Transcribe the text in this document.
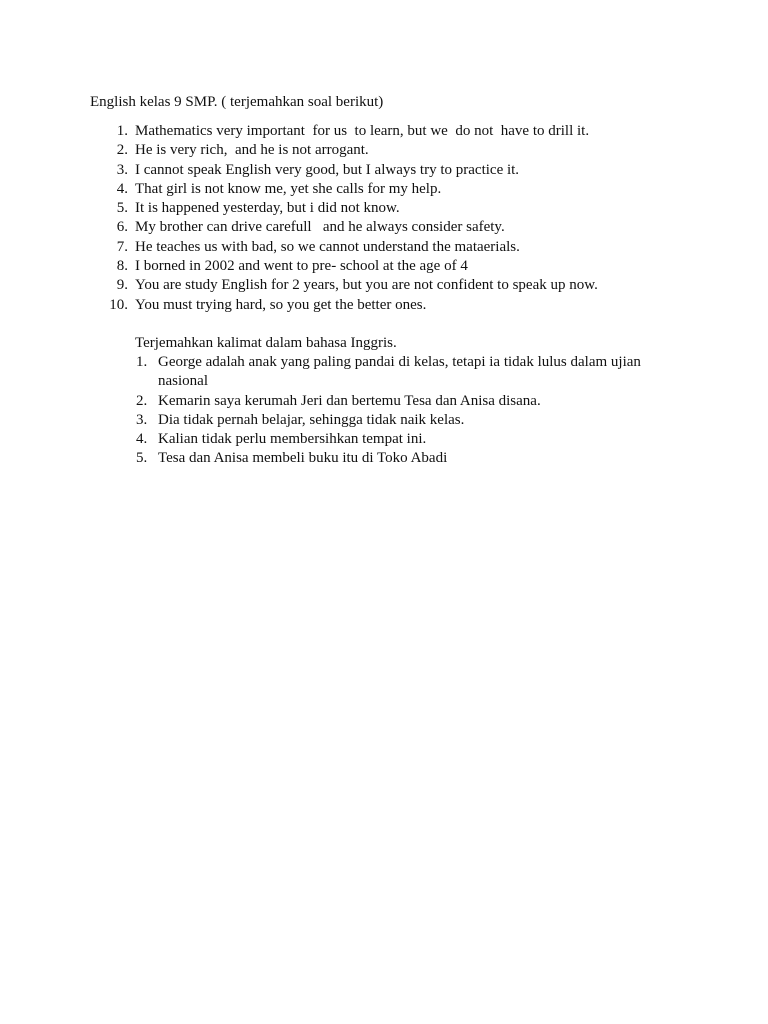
English kelas 9 SMP. ( terjemahkan soal berikut)
1. Mathematics very important  for us  to learn, but we  do not  have to drill it.
2. He is very rich,  and he is not arrogant.
3. I cannot speak English very good, but I always try to practice it.
4. That girl is not know me, yet she calls for my help.
5. It is happened yesterday, but i did not know.
6. My brother can drive carefull   and he always consider safety.
7. He teaches us with bad, so we cannot understand the mataerials.
8. I borned in 2002 and went to pre- school at the age of 4
9. You are study English for 2 years, but you are not confident to speak up now.
10. You must trying hard, so you get the better ones.
Terjemahkan kalimat dalam bahasa Inggris.
1. George adalah anak yang paling pandai di kelas, tetapi ia tidak lulus dalam ujian nasional
2. Kemarin saya kerumah Jeri dan bertemu Tesa dan Anisa disana.
3. Dia tidak pernah belajar, sehingga tidak naik kelas.
4. Kalian tidak perlu membersihkan tempat ini.
5. Tesa dan Anisa membeli buku itu di Toko Abadi
